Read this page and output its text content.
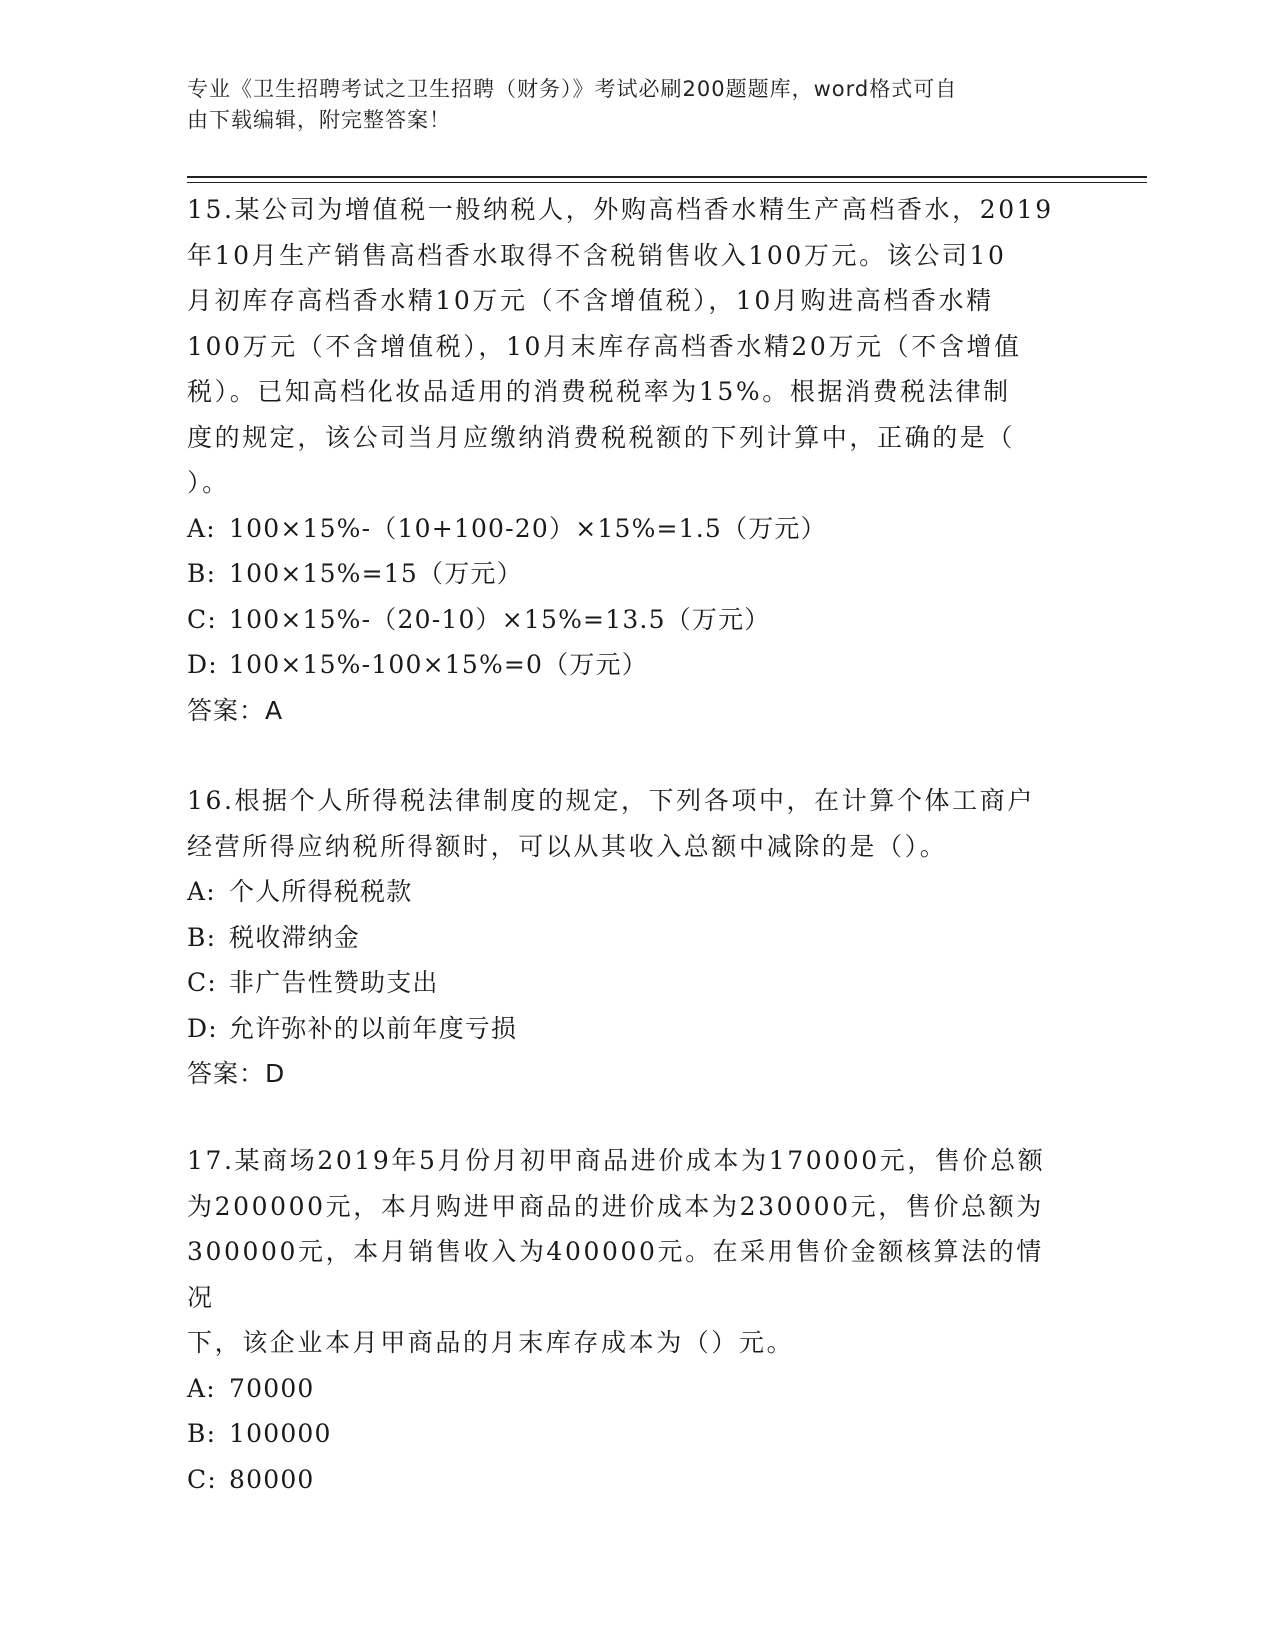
专业《卫生招聘考试之卫生招聘（财务）》考试必刷200题题库，word格式可自
由下载编辑，附完整答案！
15.某公司为增值税一般纳税人，外购高档香水精生产高档香水，2019
年10月生产销售高档香水取得不含税销售收入100万元。该公司10
月初库存高档香水精10万元（不含增值税），10月购进高档香水精
100万元（不含增值税），10月末库存高档香水精20万元（不含增值
税）。已知高档化妆品适用的消费税税率为15%。根据消费税法律制
度的规定，该公司当月应缴纳消费税税额的下列计算中，正确的是（
）。
A: 100×15%-（10+100-20）×15%=1.5（万元）
B: 100×15%=15（万元）
C: 100×15%-（20-10）×15%=13.5（万元）
D: 100×15%-100×15%=0（万元）
答案：A
16.根据个人所得税法律制度的规定，下列各项中，在计算个体工商户
经营所得应纳税所得额时，可以从其收入总额中减除的是（）。
A: 个人所得税税款
B: 税收滞纳金
C: 非广告性赞助支出
D: 允许弥补的以前年度亏损
答案：D
17.某商场2019年5月份月初甲商品进价成本为170000元，售价总额
为200000元，本月购进甲商品的进价成本为230000元，售价总额为
300000元，本月销售收入为400000元。在采用售价金额核算法的情况
下，该企业本月甲商品的月末库存成本为（）元。
A: 70000
B: 100000
C: 80000
